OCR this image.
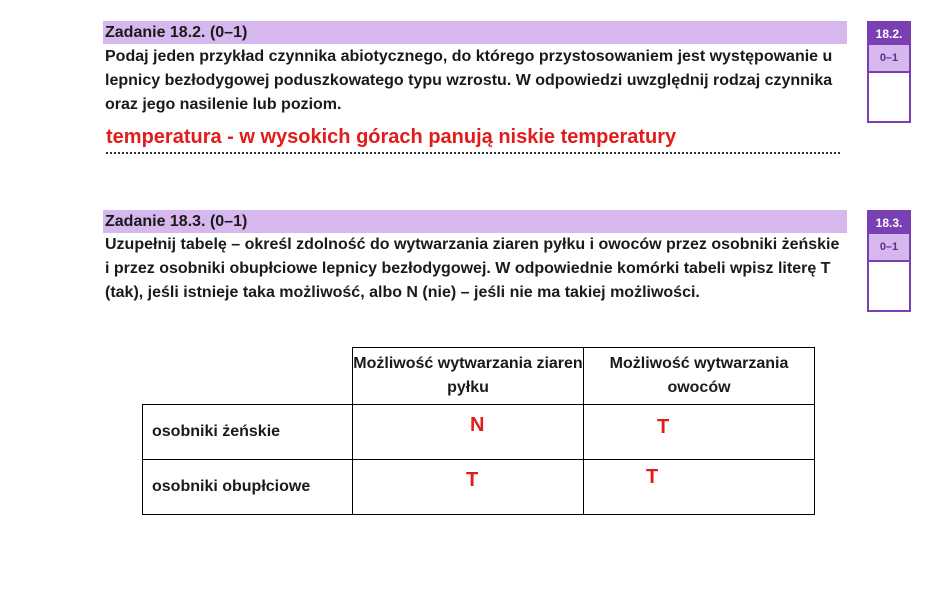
Zadanie 18.2. (0–1)
Podaj jeden przykład czynnika abiotycznego, do którego przystosowaniem jest występowanie u lepnicy bezłodygowej poduszkowatego typu wzrostu. W odpowiedzi uwzględnij rodzaj czynnika oraz jego nasilenie lub poziom.
temperatura - w wysokich górach panują niskie temperatury
18.2.
0–1
Zadanie 18.3. (0–1)
Uzupełnij tabelę – określ zdolność do wytwarzania ziaren pyłku i owoców przez osobniki żeńskie i przez osobniki obupłciowe lepnicy bezłodygowej. W odpowiednie komórki tabeli wpisz literę T (tak), jeśli istnieje taka możliwość, albo N (nie) – jeśli nie ma takiej możliwości.
18.3.
0–1
	Możliwość wytwarzania ziaren pyłku	Możliwość wytwarzania owoców
osobniki żeńskie	N	T

osobniki obupłciowe	T	T
